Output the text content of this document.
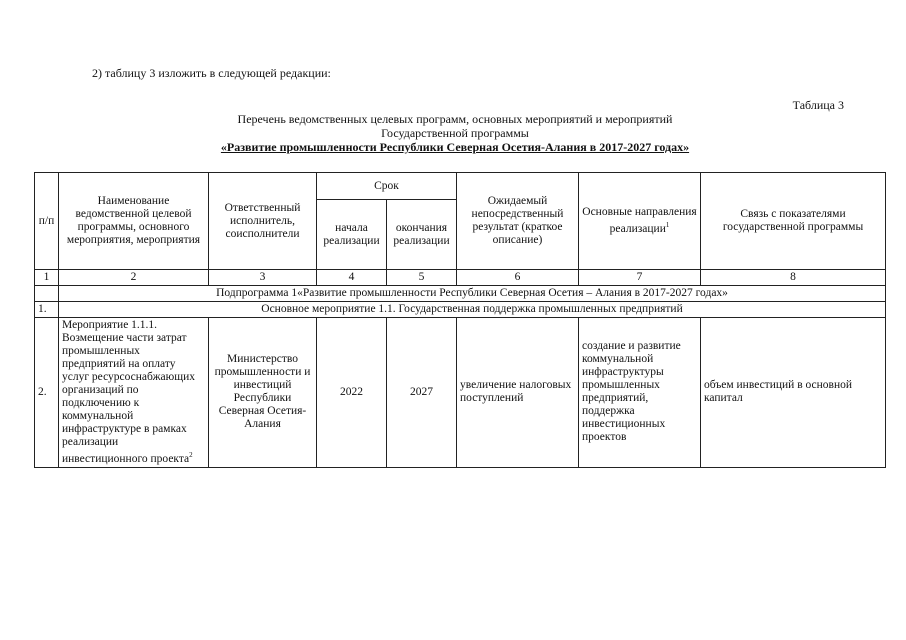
2) таблицу 3 изложить в следующей редакции:
Таблица 3
Перечень ведомственных целевых программ, основных мероприятий и мероприятий
Государственной программы
«Развитие промышленности Республики Северная Осетия-Алания в 2017-2027 годах»
п/п	Наименование ведомственной целевой программы, основного мероприятия, мероприятия	Ответственный исполнитель, соисполнители	Срок		Ожидаемый непосредственный результат (краткое описание)	Основные направления реализации$^1$	Связь с показателями государственной программы
			начала реализации	окончания реализации			
1	2	3	4	5	6	7	8
	Подпрограмма 1«Развитие промышленности Республики Северная Осетия – Алания в 2017-2027 годах»						
1.	Основное мероприятие 1.1. Государственная поддержка промышленных предприятий						
2.	Мероприятие 1.1.1. Возмещение части затрат промышленных предприятий на оплату услуг ресурсоснабжающих организаций по подключению к коммунальной инфраструктуре в рамках реализации инвестиционного проекта$^2$	Министерство промышленности и инвестиций Республики Северная Осетия-Алания	2022	2027	увеличение налоговых поступлений	создание и развитие коммунальной инфраструктуры промышленных предприятий, поддержка инвестиционных проектов	объем инвестиций в основной капитал
